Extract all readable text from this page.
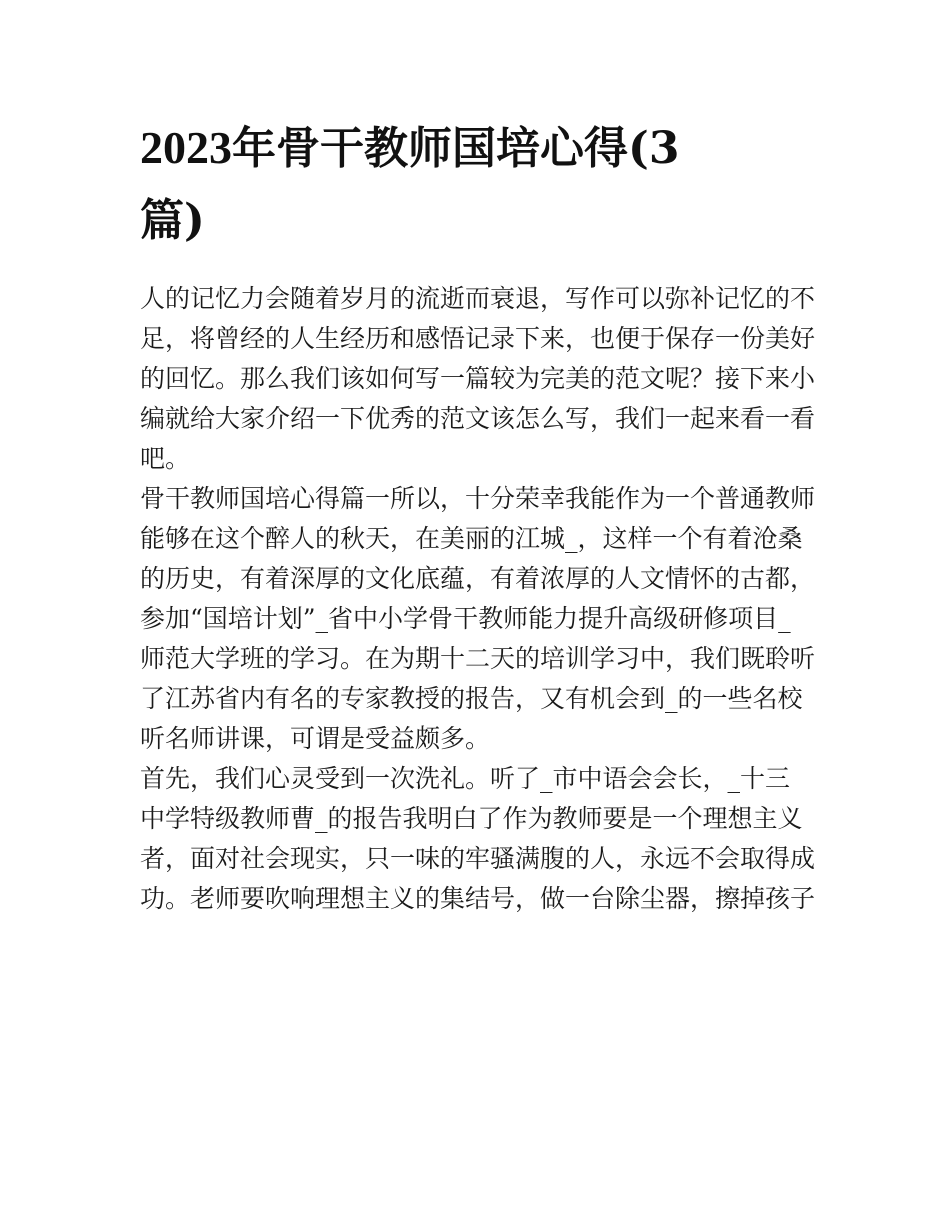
2023年骨干教师国培心得(3
篇)

人的记忆力会随着岁月的流逝而衰退，写作可以弥补记忆的不
足，将曾经的人生经历和感悟记录下来，也便于保存一份美好
的回忆。那么我们该如何写一篇较为完美的范文呢？接下来小
编就给大家介绍一下优秀的范文该怎么写，我们一起来看一看
吧。

骨干教师国培心得篇一所以，十分荣幸我能作为一个普通教师
能够在这个醉人的秋天，在美丽的江城_，这样一个有着沧桑
的历史，有着深厚的文化底蕴，有着浓厚的人文情怀的古都，
参加“国培计划”_省中小学骨干教师能力提升高级研修项目_
师范大学班的学习。在为期十二天的培训学习中，我们既聆听
了江苏省内有名的专家教授的报告，又有机会到_的一些名校
听名师讲课，可谓是受益颇多。

首先，我们心灵受到一次洗礼。听了_市中语会会长，_十三
中学特级教师曹_的报告我明白了作为教师要是一个理想主义
者，面对社会现实，只一味的牢骚满腹的人，永远不会取得成
功。老师要吹响理想主义的集结号，做一台除尘器，擦掉孩子
